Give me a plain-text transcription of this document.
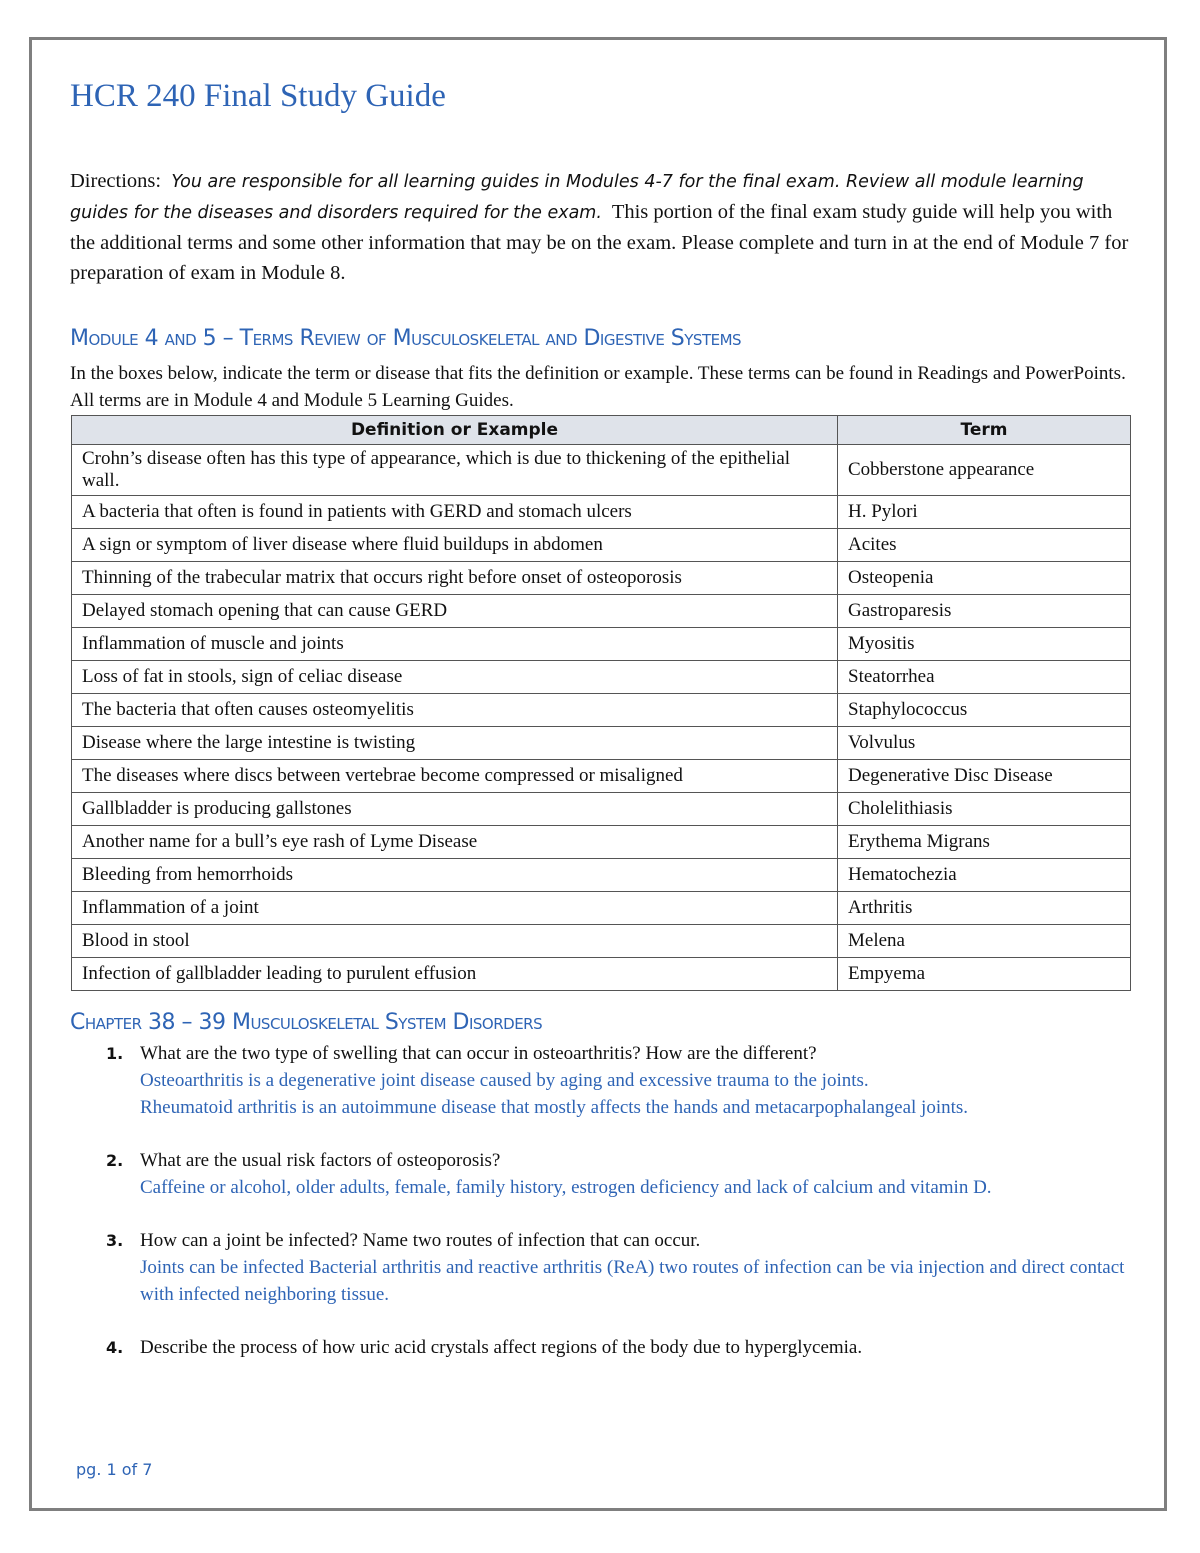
HCR 240 Final Study Guide
Directions: You are responsible for all learning guides in Modules 4-7 for the final exam. Review all module learning guides for the diseases and disorders required for the exam. This portion of the final exam study guide will help you with the additional terms and some other information that may be on the exam. Please complete and turn in at the end of Module 7 for preparation of exam in Module 8.
Module 4 and 5 – Terms Review of Musculoskeletal and Digestive Systems
In the boxes below, indicate the term or disease that fits the definition or example. These terms can be found in Readings and PowerPoints. All terms are in Module 4 and Module 5 Learning Guides.
Definition or Example	Term
Crohn’s disease often has this type of appearance, which is due to thickening of the epithelial wall.	Cobberstone appearance
A bacteria that often is found in patients with GERD and stomach ulcers	H. Pylori
A sign or symptom of liver disease where fluid buildups in abdomen	Acites
Thinning of the trabecular matrix that occurs right before onset of osteoporosis	Osteopenia
Delayed stomach opening that can cause GERD	Gastroparesis
Inflammation of muscle and joints	Myositis
Loss of fat in stools, sign of celiac disease	Steatorrhea
The bacteria that often causes osteomyelitis	Staphylococcus
Disease where the large intestine is twisting	Volvulus
The diseases where discs between vertebrae become compressed or misaligned	Degenerative Disc Disease
Gallbladder is producing gallstones	Cholelithiasis
Another name for a bull’s eye rash of Lyme Disease	Erythema Migrans
Bleeding from hemorrhoids	Hematochezia
Inflammation of a joint	Arthritis
Blood in stool	Melena
Infection of gallbladder leading to purulent effusion	Empyema
Chapter 38 – 39 Musculoskeletal System Disorders
1. What are the two type of swelling that can occur in osteoarthritis? How are the different?
Osteoarthritis is a degenerative joint disease caused by aging and excessive trauma to the joints.
Rheumatoid arthritis is an autoimmune disease that mostly affects the hands and metacarpophalangeal joints.
2. What are the usual risk factors of osteoporosis?
Caffeine or alcohol, older adults, female, family history, estrogen deficiency and lack of calcium and vitamin D.
3. How can a joint be infected? Name two routes of infection that can occur.
Joints can be infected Bacterial arthritis and reactive arthritis (ReA) two routes of infection can be via injection and direct contact with infected neighboring tissue.
4. Describe the process of how uric acid crystals affect regions of the body due to hyperglycemia.
pg. 1 of 7
